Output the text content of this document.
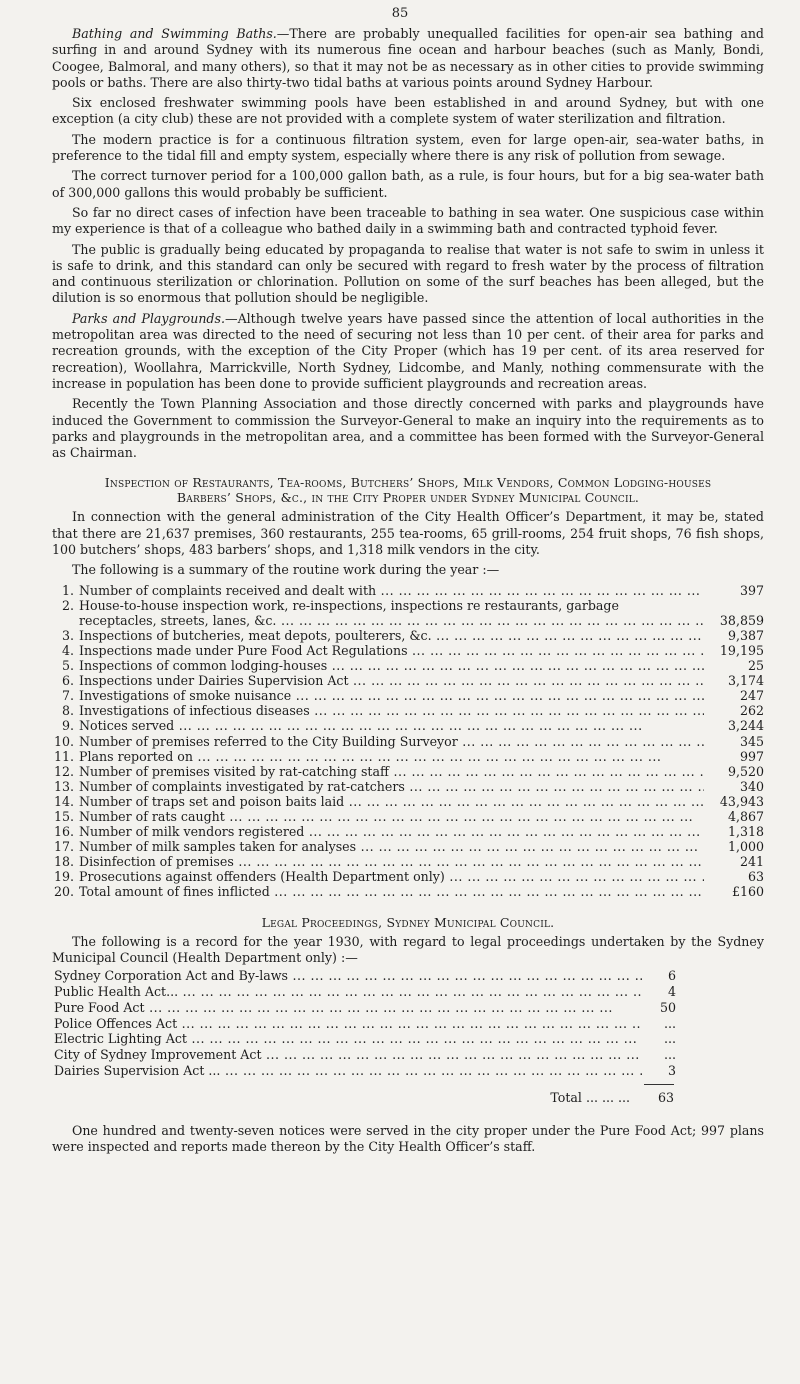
85

Bathing and Swimming Baths.—There are probably unequalled facilities for open-air sea bathing and surfing in and around Sydney with its numerous fine ocean and harbour beaches (such as Manly, Bondi, Coogee, Balmoral, and many others), so that it may not be as necessary as in other cities to provide swimming pools or baths. There are also thirty-two tidal baths at various points around Sydney Harbour.

Six enclosed freshwater swimming pools have been established in and around Sydney, but with one exception (a city club) these are not provided with a complete system of water sterilization and filtration.

The modern practice is for a continuous filtration system, even for large open-air, sea-water baths, in preference to the tidal fill and empty system, especially where there is any risk of pollution from sewage.

The correct turnover period for a 100,000 gallon bath, as a rule, is four hours, but for a big sea-water bath of 300,000 gallons this would probably be sufficient.

So far no direct cases of infection have been traceable to bathing in sea water. One suspicious case within my experience is that of a colleague who bathed daily in a swimming bath and contracted typhoid fever.

The public is gradually being educated by propaganda to realise that water is not safe to swim in unless it is safe to drink, and this standard can only be secured with regard to fresh water by the process of filtration and continuous sterilization or chlorination. Pollution on some of the surf beaches has been alleged, but the dilution is so enormous that pollution should be negligible.

Parks and Playgrounds.—Although twelve years have passed since the attention of local authorities in the metropolitan area was directed to the need of securing not less than 10 per cent. of their area for parks and recreation grounds, with the exception of the City Proper (which has 19 per cent. of its area reserved for recreation), Woollahra, Marrickville, North Sydney, Lidcombe, and Manly, nothing commensurate with the increase in population has been done to provide sufficient playgrounds and recreation areas.

Recently the Town Planning Association and those directly concerned with parks and playgrounds have induced the Government to commission the Surveyor-General to make an inquiry into the requirements as to parks and playgrounds in the metropolitan area, and a committee has been formed with the Surveyor-General as Chairman.

Inspection of Restaurants, Tea-rooms, Butchers’ Shops, Milk Vendors, Common Lodging-houses
Barbers’ Shops, &c., in the City Proper under Sydney Municipal Council.

In connection with the general administration of the City Health Officer’s Department, it may be, stated that there are 21,637 premises, 360 restaurants, 255 tea-rooms, 65 grill-rooms, 254 fruit shops, 76 fish shops, 100 butchers’ shops, 483 barbers’ shops, and 1,318 milk vendors in the city.

The following is a summary of the routine work during the year :—

1. Number of complaints received and dealt with ...	397
2. House-to-house inspection work, re-inspections, inspections re restaurants, garbage
receptacles, streets, lanes, &c. ...	38,859
3. Inspections of butcheries, meat depots, poulterers, &c. ...	9,387
4. Inspections made under Pure Food Act Regulations ...	19,195
5. Inspections of common lodging-houses ...	25
6. Inspections under Dairies Supervision Act ...	3,174
7. Investigations of smoke nuisance ...	247
8. Investigations of infectious diseases ...	262
9. Notices served ...	3,244
10. Number of premises referred to the City Building Surveyor ...	345
11. Plans reported on ...	997
12. Number of premises visited by rat-catching staff ...	9,520
13. Number of complaints investigated by rat-catchers ...	340
14. Number of traps set and poison baits laid ...	43,943
15. Number of rats caught ...	4,867
16. Number of milk vendors registered ...	1,318
17. Number of milk samples taken for analyses ...	1,000
18. Disinfection of premises ...	241
19. Prosecutions against offenders (Health Department only) ...	63
20. Total amount of fines inflicted ...	£160
Legal Proceedings, Sydney Municipal Council.

The following is a record for the year 1930, with regard to legal proceedings undertaken by the Sydney Municipal Council (Health Department only) :—

Sydney Corporation Act and By-laws ...	6
Public Health Act... ...	4
Pure Food Act ...	50
Police Offences Act ...	...
Electric Lighting Act ...	...
City of Sydney Improvement Act ...	...
Dairies Supervision Act ... ...	3
Total ... ... ...	63

One hundred and twenty-seven notices were served in the city proper under the Pure Food Act; 997 plans were inspected and reports made thereon by the City Health Officer’s staff.
